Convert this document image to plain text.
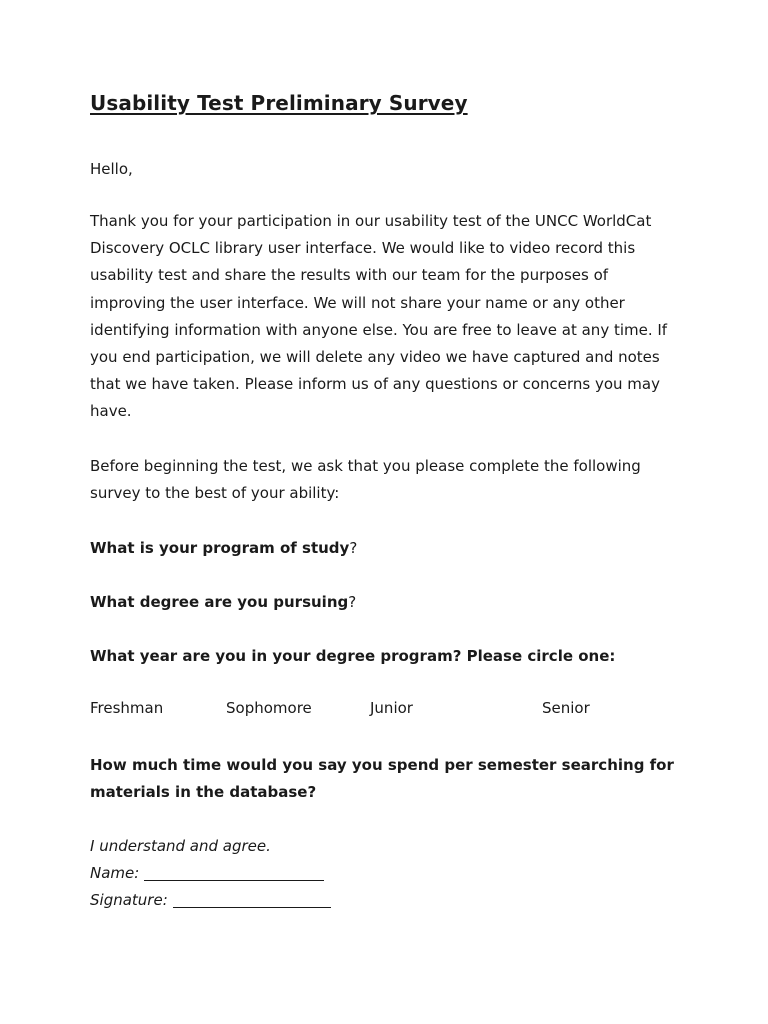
Usability Test Preliminary Survey

Hello,

Thank you for your participation in our usability test of the UNCC WorldCat Discovery OCLC library user interface. We would like to video record this usability test and share the results with our team for the purposes of improving the user interface. We will not share your name or any other identifying information with anyone else. You are free to leave at any time. If you end participation, we will delete any video we have captured and notes that we have taken. Please inform us of any questions or concerns you may have.

Before beginning the test, we ask that you please complete the following survey to the best of your ability:

What is your program of study?

What degree are you pursuing?

What year are you in your degree program? Please circle one:

Freshman	Sophomore	Junior	Senior

How much time would you say you spend per semester searching for materials in the database?

I understand and agree.

Name:
Signature:
